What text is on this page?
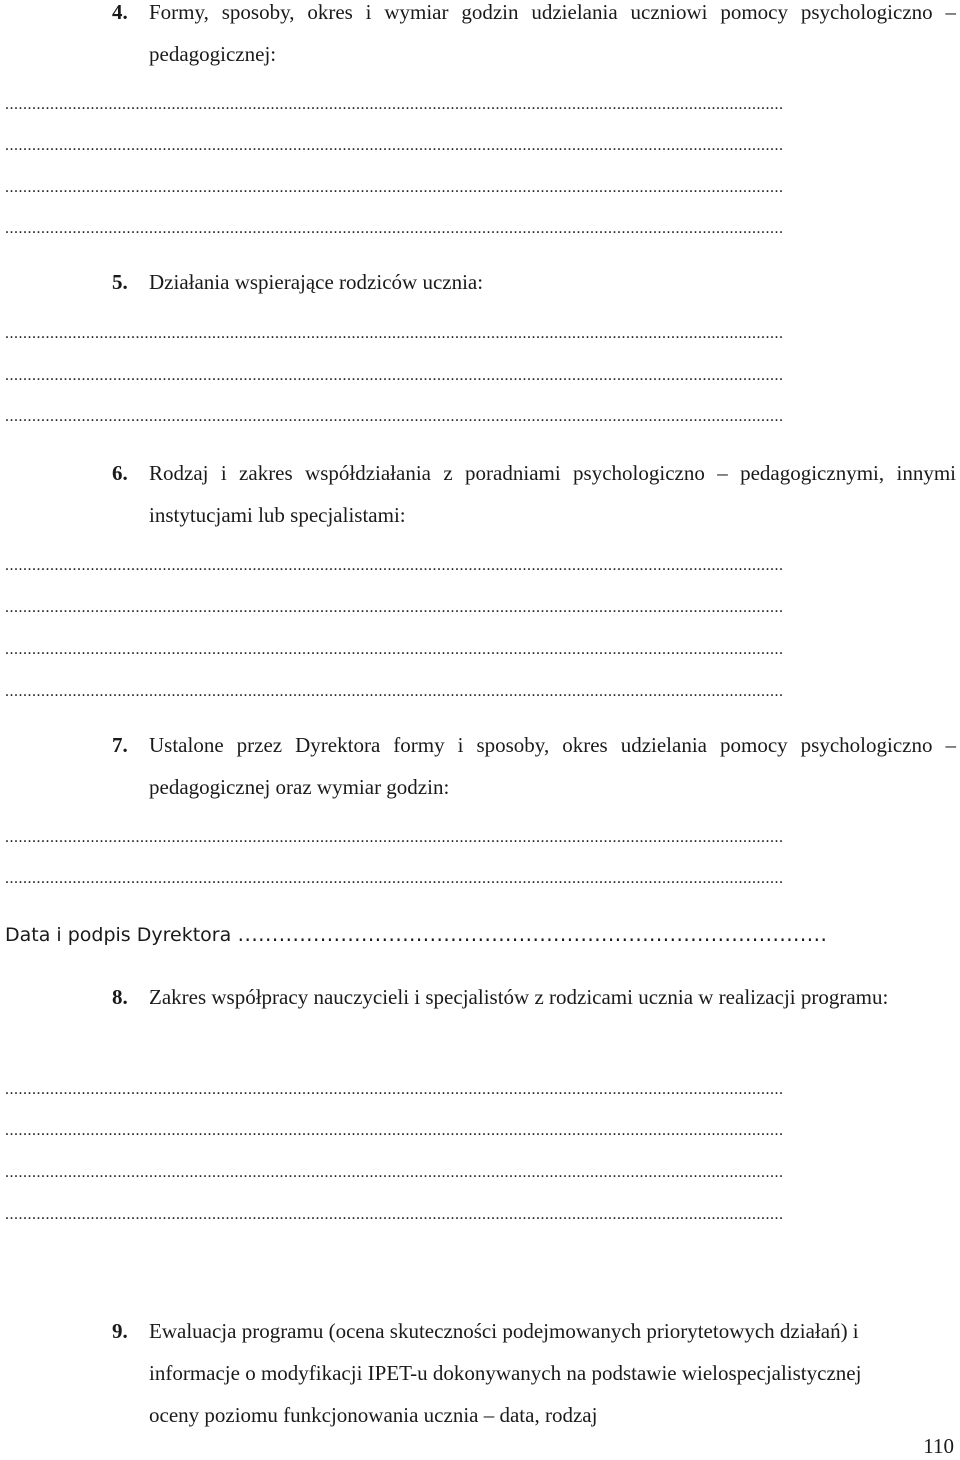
4.	Formy, sposoby, okres i wymiar godzin udzielania uczniowi pomocy psychologiczno – pedagogicznej:
.............................................................................................................................................................................
.............................................................................................................................................................................
.............................................................................................................................................................................
.............................................................................................................................................................................
5.	Działania wspierające rodziców ucznia:
.............................................................................................................................................................................
.............................................................................................................................................................................
.............................................................................................................................................................................
6.	Rodzaj i zakres współdziałania z poradniami psychologiczno – pedagogicznymi, innymi instytucjami lub specjalistami:
.............................................................................................................................................................................
.............................................................................................................................................................................
.............................................................................................................................................................................
.............................................................................................................................................................................
7.	Ustalone przez Dyrektora formy i sposoby, okres udzielania pomocy psychologiczno – pedagogicznej oraz wymiar godzin:
.............................................................................................................................................................................
.............................................................................................................................................................................
Data i podpis Dyrektora ......................................................................................
8.	Zakres współpracy nauczycieli i specjalistów z rodzicami ucznia w realizacji programu:
.............................................................................................................................................................................
.............................................................................................................................................................................
.............................................................................................................................................................................
.............................................................................................................................................................................
9.	Ewaluacja programu (ocena skuteczności podejmowanych priorytetowych działań) i informacje o modyfikacji IPET-u dokonywanych na podstawie wielospecjalistycznej oceny poziomu funkcjonowania ucznia – data, rodzaj
110
